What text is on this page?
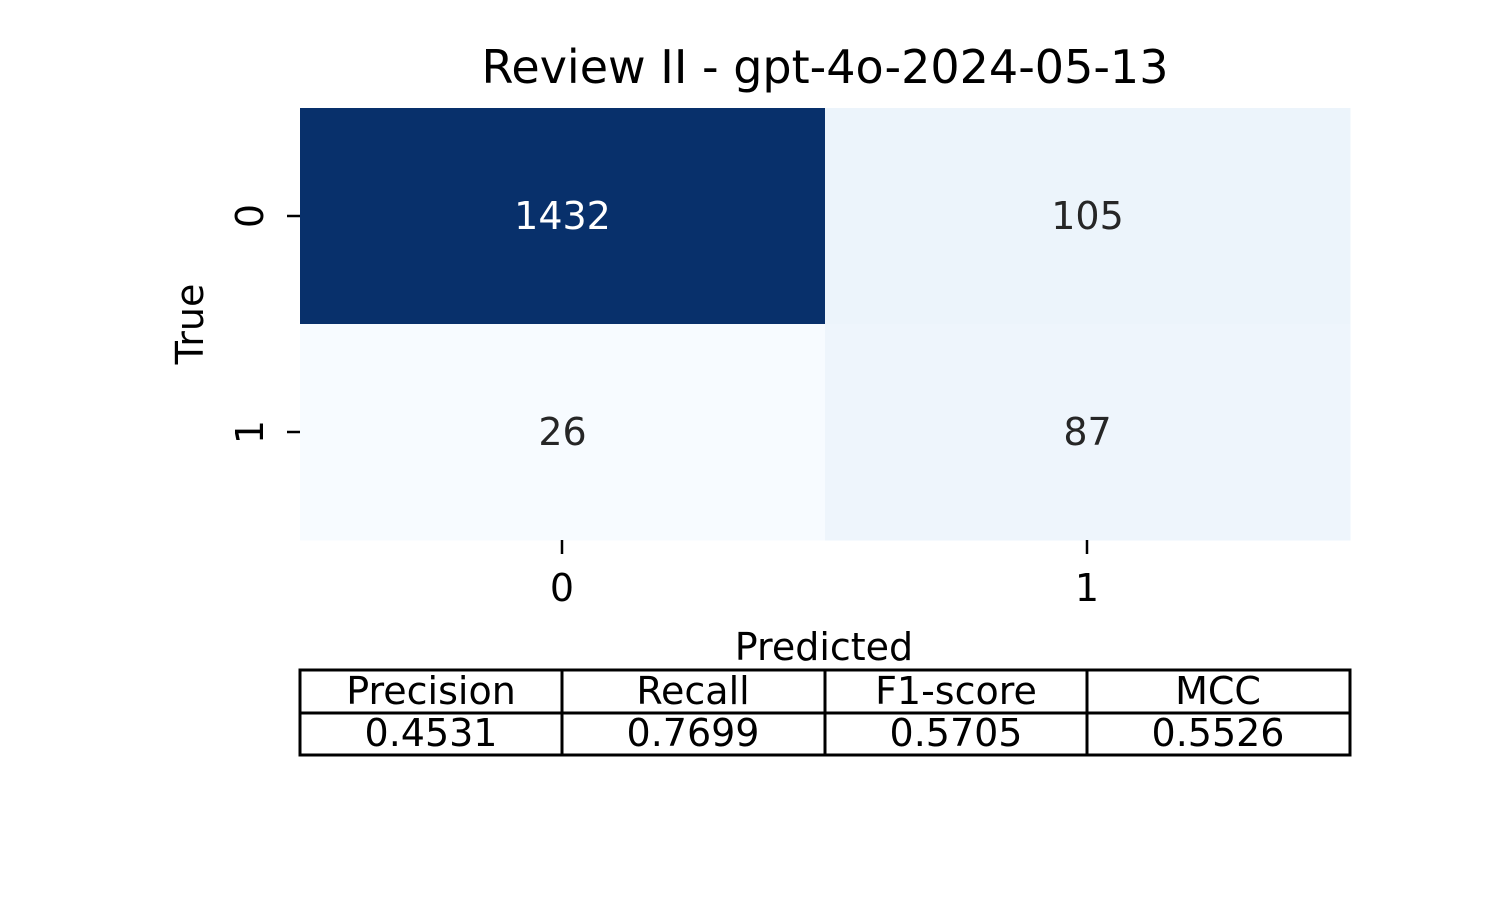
Review II - gpt-4o-2024-05-13
1432	105
26	87
0
1
True
0	1
Predicted
Precision	Recall	F1-score	MCC
0.4531	0.7699	0.5705	0.5526
